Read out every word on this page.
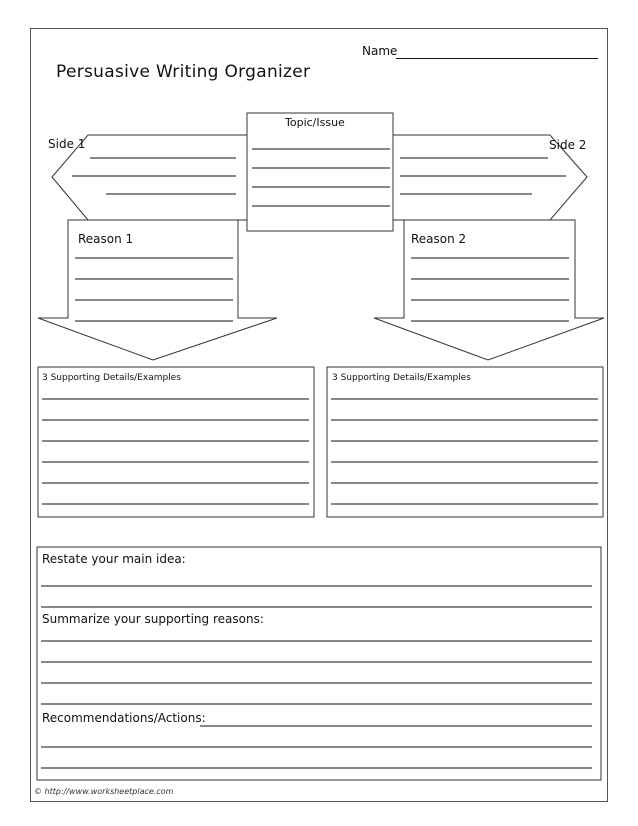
Name
Persuasive Writing Organizer
Topic/Issue
Side 1	Side 2
Reason 1	Reason 2
3 Supporting Details/Examples	3 Supporting Details/Examples
Restate your main idea:
Summarize your supporting reasons:
Recommendations/Actions:
© http://www.worksheetplace.com
